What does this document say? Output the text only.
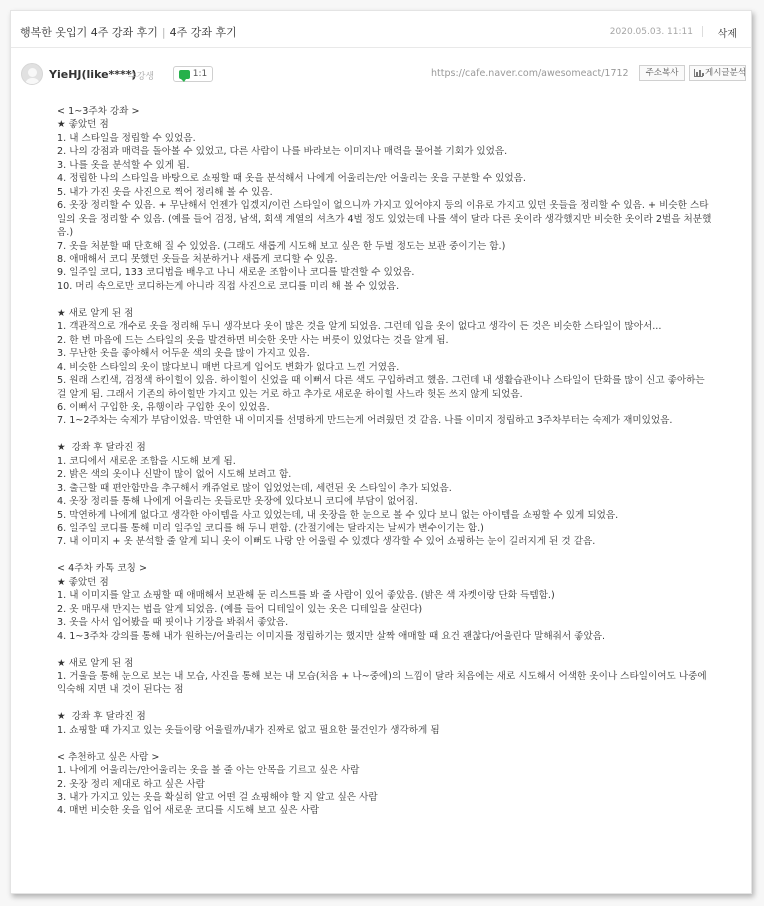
행복한 옷입기 4주 강좌 후기 | 4주 강좌 후기	2020.05.03. 11:11 삭제
YieHJ(like****)
수강생	1:1	https://cafe.naver.com/awesomeact/1712	주소복사	게시글분석
< 1~3주차 강좌 >
★ 좋았던 점
1. 내 스타일을 정립할 수 있었음.
2. 나의 강점과 매력을 돌아볼 수 있었고, 다른 사람이 나를 바라보는 이미지나 매력을 물어볼 기회가 있었음.
3. 나를 옷을 분석할 수 있게 됨.
4. 정립한 나의 스타일을 바탕으로 쇼핑할 때 옷을 분석해서 나에게 어울리는/안 어울리는 옷을 구분할 수 있었음.
5. 내가 가진 옷을 사진으로 찍어 정리해 볼 수 있음.
6. 옷장 정리할 수 있음. + 무난해서 언젠가 입겠지/이런 스타일이 없으니까 가지고 있어야지 등의 이유로 가지고 있던 옷들을 정리할 수 있음. + 비슷한 스타일의 옷을 정리할 수 있음. (예를 들어 검정, 남색, 회색 계열의 셔츠가 4벌 정도 있었는데 나를 색이 달라 다른 옷이라 생각했지만 비슷한 옷이라 2벌을 처분했음.)
7. 옷을 처분할 때 단호해 질 수 있었음. (그래도 새롭게 시도해 보고 싶은 한 두벌 정도는 보관 중이기는 함.)
8. 애매해서 코디 못했던 옷들을 처분하거나 새롭게 코디할 수 있음.
9. 일주일 코디, 133 코디법을 배우고 나니 새로운 조합이나 코디를 발견할 수 있었음.
10. 머리 속으로만 코디하는게 아니라 직접 사진으로 코디를 미리 해 볼 수 있었음.
★ 새로 알게 된 점
1. 객관적으로 개수로 옷을 정리해 두니 생각보다 옷이 많은 것을 알게 되었음. 그런데 입을 옷이 없다고 생각이 든 것은 비슷한 스타일이 많아서...
2. 한 번 마음에 드는 스타일의 옷을 발견하면 비슷한 옷만 사는 버릇이 있었다는 것을 알게 됨.
3. 무난한 옷을 좋아해서 어두운 색의 옷을 많이 가지고 있음.
4. 비슷한 스타일의 옷이 많다보니 매번 다르게 입어도 변화가 없다고 느낀 거였음.
5. 원래 스킨색, 검정색 하이힐이 있음. 하이힐이 신었을 때 이뻐서 다른 색도 구입하려고 했음. 그런데 내 생활습관이나 스타일이 단화를 많이 신고 좋아하는 걸 알게 됨. 그래서 기존의 하이힐만 가지고 있는 거로 하고 추가로 새로운 하이힐 사느라 헛돈 쓰지 않게 되었음.
6. 이뻐서 구입한 옷, 유행이라 구입한 옷이 있었음.
7. 1~2주차는 숙제가 부담이었음. 막연한 내 이미지를 선명하게 만드는게 어려웠던 것 같음. 나를 이미지 정립하고 3주차부터는 숙제가 재미있었음.
★  강좌 후 달라진 점
1. 코디에서 새로운 조합을 시도해 보게 됨.
2. 밝은 색의 옷이나 신발이 많이 없어 시도해 보려고 함.
3. 출근할 때 편안함만을 추구해서 캐쥬얼로 많이 입었었는데, 세련된 옷 스타일이 추가 되었음.
4. 옷장 정리를 통해 나에게 어울리는 옷들로만 옷장에 있다보니 코디에 부담이 없어짐.
5. 막연하게 나에게 없다고 생각한 아이템을 사고 있었는데, 내 옷장을 한 눈으로 볼 수 있다 보니 없는 아이템을 쇼핑할 수 있게 되었음.
6. 일주일 코디를 통해 미리 일주일 코디를 해 두니 편함. (간절기에는 달라지는 날씨가 변수이기는 함.)
7. 내 이미지 + 옷 분석할 줄 알게 되니 옷이 이뻐도 나랑 안 어울릴 수 있겠다 생각할 수 있어 쇼핑하는 눈이 길러지게 된 것 같음.
< 4주차 카톡 코칭 >
★ 좋았던 점
1. 내 이미지를 알고 쇼핑할 때 애매해서 보관해 둔 리스트를 봐 줄 사람이 있어 좋았음. (밝은 색 자켓이랑 단화 득템함.)
2. 옷 매무새 만지는 법을 알게 되었음. (예를 들어 디테일이 있는 옷은 디테일을 살린다)
3. 옷을 사서 입어봤을 때 핏이나 기장을 봐줘서 좋았음.
4. 1~3주차 강의를 통해 내가 원하는/어울리는 이미지를 정립하기는 했지만 살짝 애매할 때 요건 괜찮다/어울린다 말해줘서 좋았음.
★ 새로 알게 된 점
1. 거울을 통해 눈으로 보는 내 모습, 사진을 통해 보는 내 모습(처음 + 나~중에)의 느낌이 달라 처음에는 새로 시도해서 어색한 옷이나 스타일이여도 나중에 익숙해 지면 내 것이 된다는 점
★  강좌 후 달라진 점
1. 쇼핑할 때 가지고 있는 옷들이랑 어울릴까/내가 진짜로 없고 필요한 물건인가 생각하게 됨
< 추천하고 싶은 사람 >
1. 나에게 어울리는/안어울리는 옷을 볼 줄 아는 안목을 기르고 싶은 사람
2. 옷장 정리 제대로 하고 싶은 사람
3. 내가 가지고 있는 옷을 확실히 알고 어떤 걸 쇼핑해야 할 지 알고 싶은 사람
4. 매번 비슷한 옷을 입어 새로운 코디를 시도해 보고 싶은 사람
